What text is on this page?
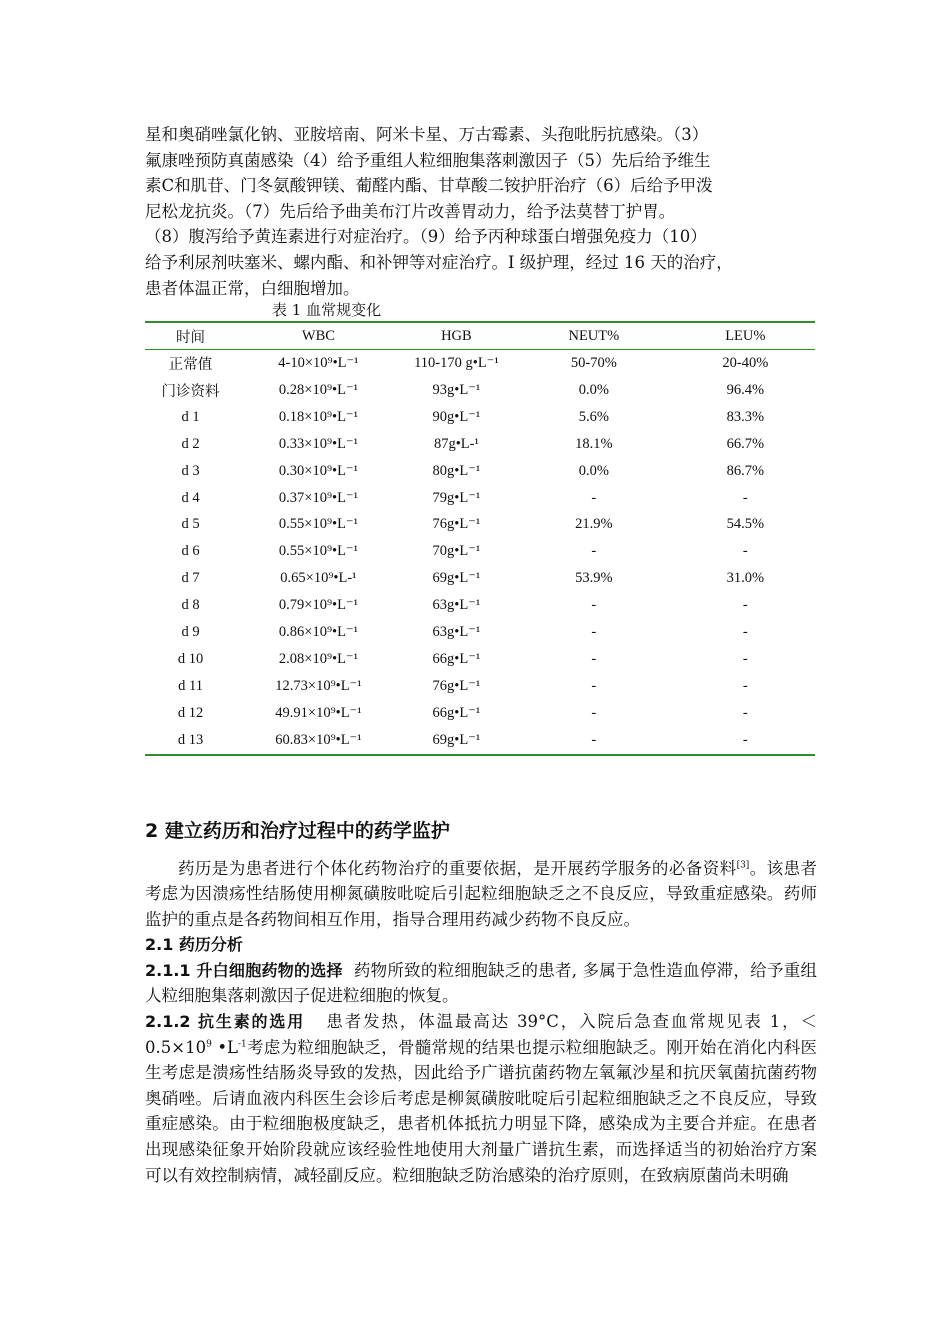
星和奥硝唑氯化钠、亚胺培南、阿米卡星、万古霉素、头孢吡肟抗感染。（3）

氟康唑预防真菌感染（4）给予重组人粒细胞集落刺激因子（5）先后给予维生

素C和肌苷、门冬氨酸钾镁、葡醛内酯、甘草酸二铵护肝治疗（6）后给予甲泼

尼松龙抗炎。（7）先后给予曲美布汀片改善胃动力，给予法莫替丁护胃。

（8）腹泻给予黄连素进行对症治疗。（9）给予丙种球蛋白增强免疫力（10）

给予利尿剂呋塞米、螺内酯、和补钾等对症治疗。I 级护理，经过 16 天的治疗，

患者体温正常，白细胞增加。

表 1 血常规变化

时间	WBC	HGB	NEUT%	LEU%
正常值	4-10×10⁹•L⁻¹	110-170 g•L⁻¹	50-70%	20-40%
门诊资料	0.28×10⁹•L⁻¹	93g•L⁻¹	0.0%	96.4%
d 1	0.18×10⁹•L⁻¹	90g•L⁻¹	5.6%	83.3%
d 2	0.33×10⁹•L⁻¹	87g•L-¹	18.1%	66.7%
d 3	0.30×10⁹•L⁻¹	80g•L⁻¹	0.0%	86.7%
d 4	0.37×10⁹•L⁻¹	79g•L⁻¹	-	-
d 5	0.55×10⁹•L⁻¹	76g•L⁻¹	21.9%	54.5%
d 6	0.55×10⁹•L⁻¹	70g•L⁻¹	-	-
d 7	0.65×10⁹•L-¹	69g•L⁻¹	53.9%	31.0%
d 8	0.79×10⁹•L⁻¹	63g•L⁻¹	-	-
d 9	0.86×10⁹•L⁻¹	63g•L⁻¹	-	-
d 10	2.08×10⁹•L⁻¹	66g•L⁻¹	-	-
d 11	12.73×10⁹•L⁻¹	76g•L⁻¹	-	-
d 12	49.91×10⁹•L⁻¹	66g•L⁻¹	-	-
d 13	60.83×10⁹•L⁻¹	69g•L⁻¹	-	-
2 建立药历和治疗过程中的药学监护

药历是为患者进行个体化药物治疗的重要依据，是开展药学服务的必备资料[3]。该患者考虑为因溃疡性结肠使用柳氮磺胺吡啶后引起粒细胞缺乏之不良反应，导致重症感染。药师监护的重点是各药物间相互作用，指导合理用药减少药物不良反应。

2.1 药历分析

2.1.1 升白细胞药物的选择 药物所致的粒细胞缺乏的患者, 多属于急性造血停滞，给予重组人粒细胞集落刺激因子促进粒细胞的恢复。

2.1.2 抗生素的选用 患者发热，体温最高达 39°C，入院后急查血常规见表 1，$<0.5\times 10^9$ $•L^{-1}$考虑为粒细胞缺乏，骨髓常规的结果也提示粒细胞缺乏。刚开始在消化内科医生考虑是溃疡性结肠炎导致的发热，因此给予广谱抗菌药物左氧氟沙星和抗厌氧菌抗菌药物奥硝唑。后请血液内科医生会诊后考虑是柳氮磺胺吡啶后引起粒细胞缺乏之不良反应，导致重症感染。由于粒细胞极度缺乏，患者机体抵抗力明显下降，感染成为主要合并症。在患者出现感染征象开始阶段就应该经验性地使用大剂量广谱抗生素，而选择适当的初始治疗方案可以有效控制病情，减轻副反应。粒细胞缺乏防治感染的治疗原则，在致病原菌尚未明确
